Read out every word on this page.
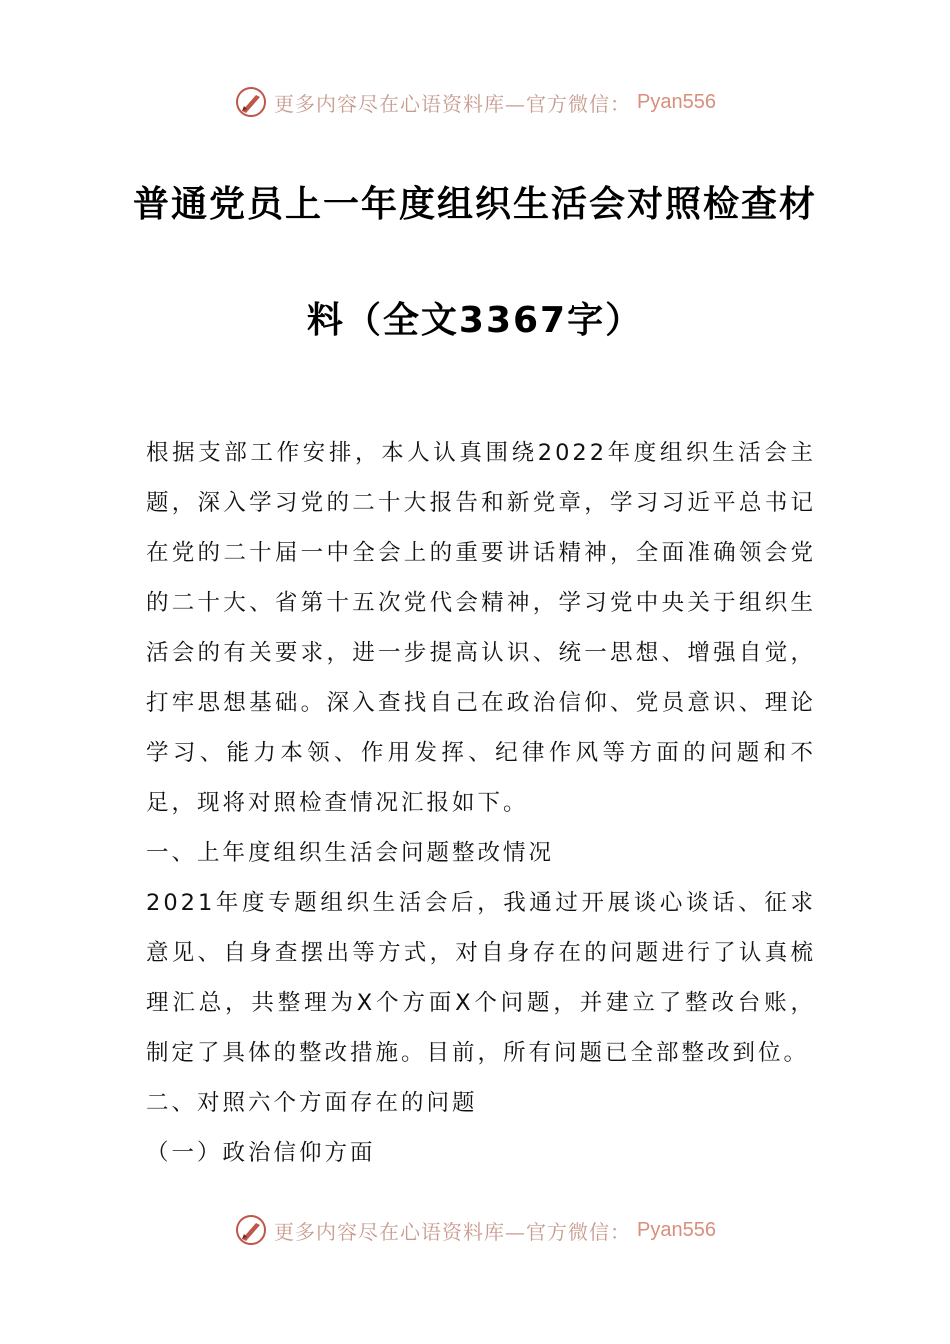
更多内容尽在心语资料库—官方微信： Pyan556
普通党员上一年度组织生活会对照检查材
料（全文3367字）
根据支部工作安排，本人认真围绕2022年度组织生活会主题，深入学习党的二十大报告和新党章，学习习近平总书记在党的二十届一中全会上的重要讲话精神，全面准确领会党的二十大、省第十五次党代会精神，学习党中央关于组织生活会的有关要求，进一步提高认识、统一思想、增强自觉，打牢思想基础。深入查找自己在政治信仰、党员意识、理论学习、能力本领、作用发挥、纪律作风等方面的问题和不足，现将对照检查情况汇报如下。
一、上年度组织生活会问题整改情况
2021年度专题组织生活会后，我通过开展谈心谈话、征求意见、自身查摆出等方式，对自身存在的问题进行了认真梳理汇总，共整理为X个方面X个问题，并建立了整改台账，制定了具体的整改措施。目前，所有问题已全部整改到位。
二、对照六个方面存在的问题
（一）政治信仰方面
更多内容尽在心语资料库—官方微信： Pyan556
